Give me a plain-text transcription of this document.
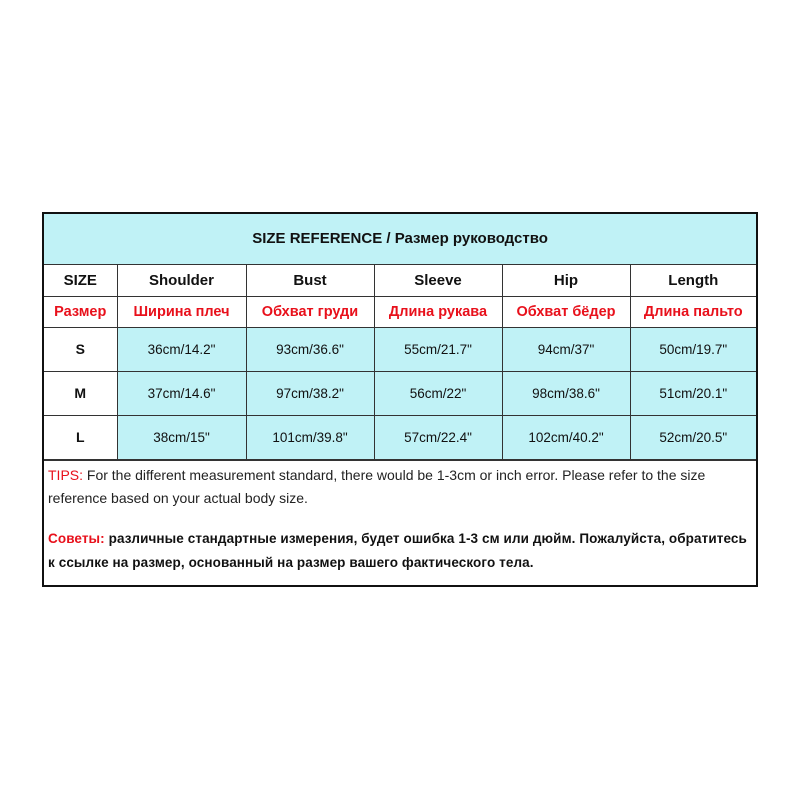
SIZE REFERENCE / Размер руководство					
SIZE	Shoulder	Bust	Sleeve	Hip	Length
Размер	Ширина плеч	Обхват груди	Длина рукава	Обхват бёдер	Длина пальто
S	36cm/14.2"	93cm/36.6"	55cm/21.7"	94cm/37"	50cm/19.7"
M	37cm/14.6"	97cm/38.2"	56cm/22"	98cm/38.6"	51cm/20.1"
L	38cm/15"	101cm/39.8"	57cm/22.4"	102cm/40.2"	52cm/20.5"
TIPS: For the different measurement standard, there would be 1-3cm or inch error. Please refer to the size reference based on your actual body size.
Советы: различные стандартные измерения, будет ошибка 1-3 см или дюйм. Пожалуйста, обратитесь к ссылке на размер, основанный на размер вашего фактического тела.
